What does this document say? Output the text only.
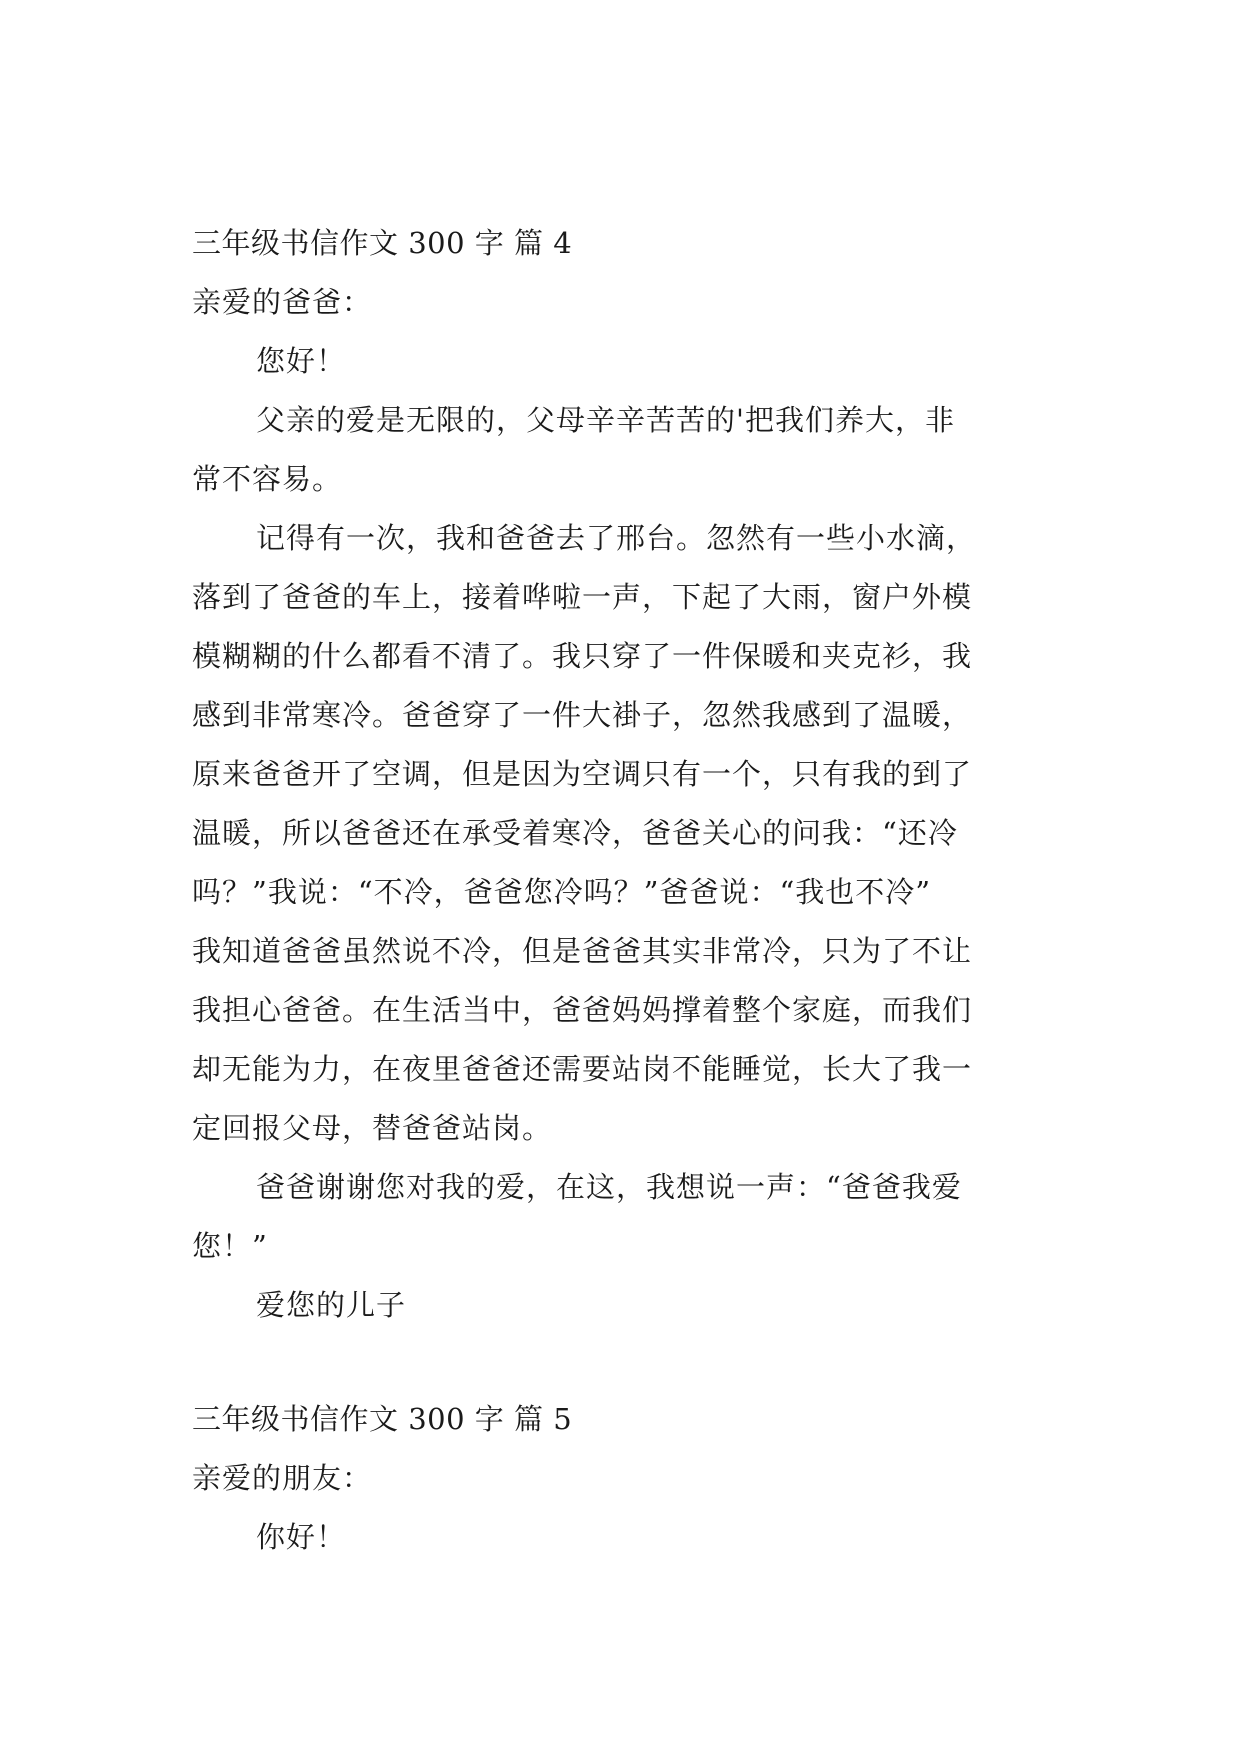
三年级书信作文 300 字 篇 4
亲爱的爸爸：
您好！
父亲的爱是无限的，父母辛辛苦苦的'把我们养大，非
常不容易。
记得有一次，我和爸爸去了邢台。忽然有一些小水滴，
落到了爸爸的车上，接着哗啦一声，下起了大雨，窗户外模
模糊糊的什么都看不清了。我只穿了一件保暖和夹克衫，我
感到非常寒冷。爸爸穿了一件大褂子，忽然我感到了温暖，
原来爸爸开了空调，但是因为空调只有一个，只有我的到了
温暖，所以爸爸还在承受着寒冷，爸爸关心的问我：“还冷
吗？”我说：“不冷，爸爸您冷吗？”爸爸说：“我也不冷”
我知道爸爸虽然说不冷，但是爸爸其实非常冷，只为了不让
我担心爸爸。在生活当中，爸爸妈妈撑着整个家庭，而我们
却无能为力，在夜里爸爸还需要站岗不能睡觉，长大了我一
定回报父母，替爸爸站岗。
爸爸谢谢您对我的爱，在这，我想说一声：“爸爸我爱
您！”
爱您的儿子
三年级书信作文 300 字 篇 5
亲爱的朋友：
你好！
